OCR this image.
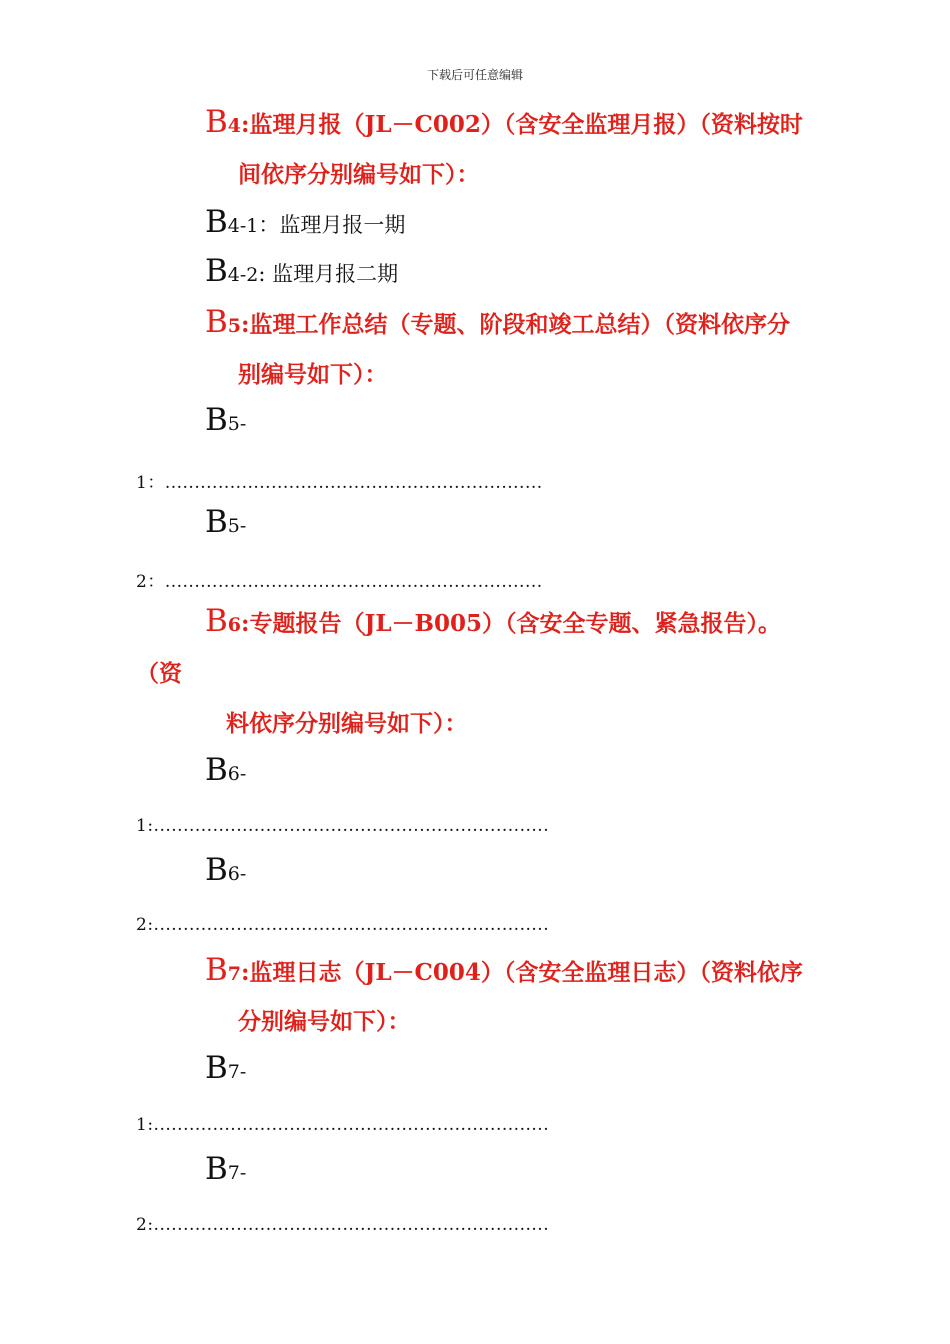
下载后可任意编辑
B4:监理月报（JL－C002）（含安全监理月报）（资料按时
间依序分别编号如下）：
B4-1：监理月报一期
B4-2: 监理月报二期
B5:监理工作总结（专题、阶段和竣工总结）（资料依序分
别编号如下）：
B5-
1：................................................................
B5-
2：................................................................
B6:专题报告（JL－B005）（含安全专题、紧急报告）。
（资
料依序分别编号如下）：
B6-
1:...................................................................
B6-
2:...................................................................
B7:监理日志（JL－C004）（含安全监理日志）（资料依序
分别编号如下）：
B7-
1:...................................................................
B7-
2:...................................................................
